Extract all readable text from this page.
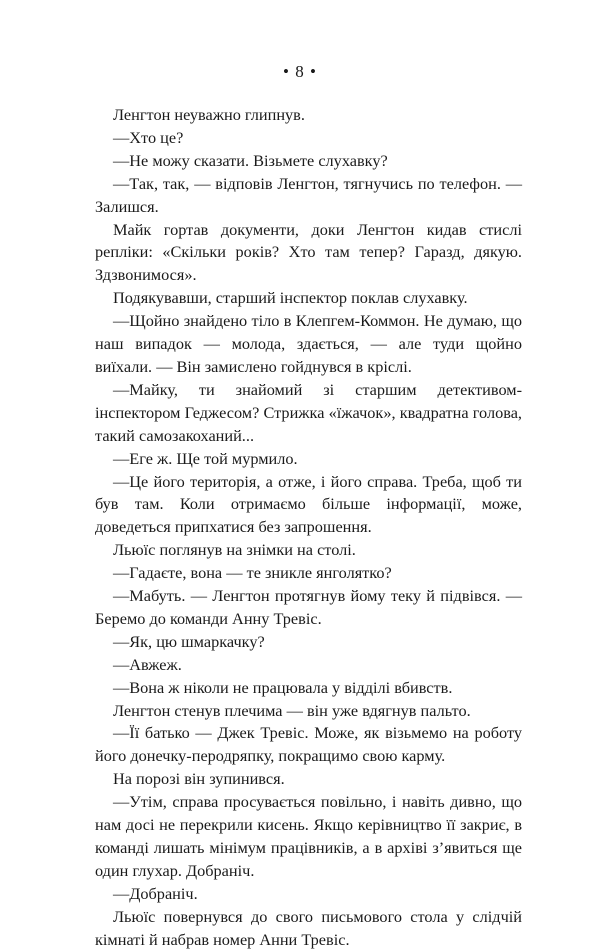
• 8 •

Ленгтон неуважно глипнув.

—Хто це?

—Не можу сказати. Візьмете слухавку?

—Так, так, — відповів Ленгтон, тягнучись по телефон. — Залишся.

Майк гортав документи, доки Ленгтон кидав стислі репліки: «Скільки років? Хто там тепер? Гаразд, дякую. Здзвонимося».

Подякувавши, старший інспектор поклав слухавку.

—Щойно знайдено тіло в Клепгем-Коммон. Не думаю, що наш випадок — молода, здається, — але туди щойно виїхали. — Він замислено гойднувся в кріслі.

—Майку, ти знайомий зі старшим детективом-інспектором Геджесом? Стрижка «їжачок», квадратна голова, такий самозакоханий...

—Еге ж. Ще той мурмило.

—Це його територія, а отже, і його справа. Треба, щоб ти був там. Коли отримаємо більше інформації, може, доведеться припхатися без запрошення.

Льюїс поглянув на знімки на столі.

—Гадаєте, вона — те зникле янголятко?

—Мабуть. — Ленгтон протягнув йому теку й підвівся. — Беремо до команди Анну Тревіс.

—Як, цю шмаркачку?

—Авжеж.

—Вона ж ніколи не працювала у відділі вбивств.

Ленгтон стенув плечима — він уже вдягнув пальто.

—Її батько — Джек Тревіс. Може, як візьмемо на роботу його донечку-перодряпку, покращимо свою карму.

На порозі він зупинився.

—Утім, справа просувається повільно, і навіть дивно, що нам досі не перекрили кисень. Якщо керівництво її закриє, в команді лишать мінімум працівників, а в архіві з’явиться ще один глухар. Добраніч.

—Добраніч.

Льюїс повернувся до свого письмового стола у слідчій кімнаті й набрав номер Анни Тревіс.
